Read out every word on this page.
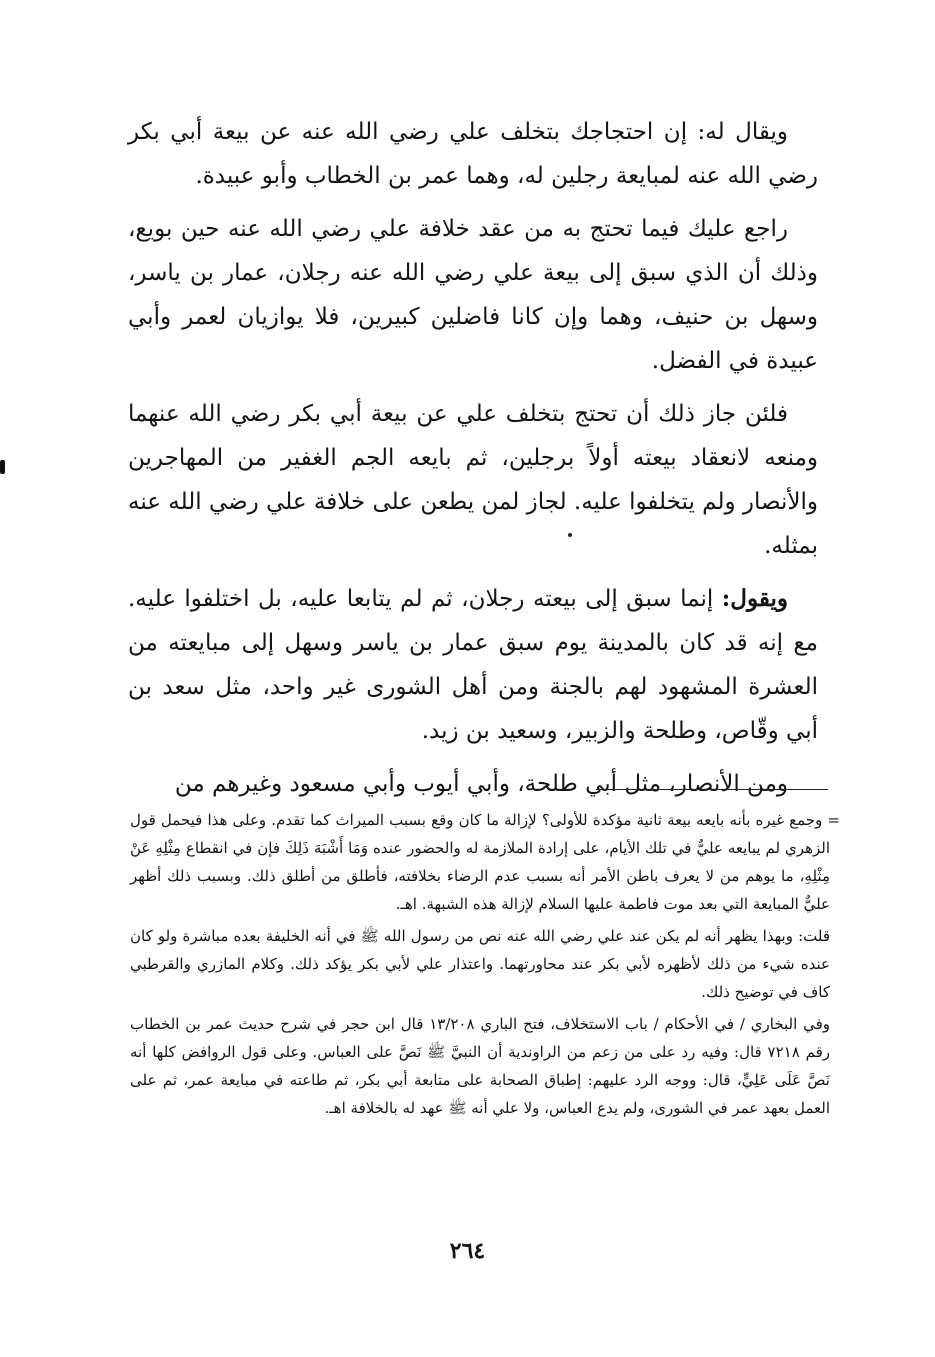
ويقال له: إن احتجاجك بتخلف علي رضي الله عنه عن بيعة أبي بكر رضي الله عنه لمبايعة رجلين له، وهما عمر بن الخطاب وأبو عبيدة.

راجع عليك فيما تحتج به من عقد خلافة علي رضي الله عنه حين بويع، وذلك أن الذي سبق إلى بيعة علي رضي الله عنه رجلان، عمار بن ياسر، وسهل بن حنيف، وهما وإن كانا فاضلين كبيرين، فلا يوازيان لعمر وأبي عبيدة في الفضل.

فلئن جاز ذلك أن تحتج بتخلف علي عن بيعة أبي بكر رضي الله عنهما ومنعه لانعقاد بيعته أولاً برجلين، ثم بايعه الجم الغفير من المهاجرين والأنصار ولم يتخلفوا عليه. لجاز لمن يطعن على خلافة علي رضي الله عنه بمثله.

ويقول: إنما سبق إلى بيعته رجلان، ثم لم يتابعا عليه، بل اختلفوا عليه. مع إنه قد كان بالمدينة يوم سبق عمار بن ياسر وسهل إلى مبايعته من العشرة المشهود لهم بالجنة ومن أهل الشورى غير واحد، مثل سعد بن أبي وقّاص، وطلحة والزبير، وسعيد بن زيد.

ومن الأنصار، مثل أبي طلحة، وأبي أيوب وأبي مسعود وغيرهم من

= وجمع غيره بأنه بايعه بيعة ثانية مؤكدة للأولى؟ لإزالة ما كان وقع بسبب الميراث كما تقدم. وعلى هذا فيحمل قول الزهري لم يبايعه عليٌّ في تلك الأيام، على إرادة الملازمة له والحضور عنده وَمَا أَشْبَهَ ذَلِكَ فإن في انقطاع مِثْلِهِ عَنْ مِثْلِهِ، ما يوهم من لا يعرف باطن الأمر أنه بسبب عدم الرضاء بخلافته، فأطلق من أطلق ذلك. وبسبب ذلك أظهر عليٌّ المبايعة التي بعد موت فاطمة عليها السلام لإزالة هذه الشبهة. اهـ.

قلت: وبهذا يظهر أنه لم يكن عند علي رضي الله عنه نص من رسول الله ﷺ في أنه الخليفة بعده مباشرة ولو كان عنده شيء من ذلك لأظهره لأبي بكر عند محاورتهما. واعتذار علي لأبي بكر يؤكد ذلك. وكلام المازري والقرطبي كاف في توضيح ذلك.

وفي البخاري / في الأحكام / باب الاستخلاف، فتح الباري ١٣/٢٠٨ قال ابن حجر في شرح حديث عمر بن الخطاب رقم ٧٢١٨ قال: وفيه رد على من زعم من الراوندية أن النبيَّ ﷺ نَصَّ على العباس. وعلى قول الروافض كلها أنه نَصَّ عَلَى عَلِيٍّ، قال: ووجه الرد عليهم: إطباق الصحابة على متابعة أبي بكر، ثم طاعته في مبايعة عمر، ثم على العمل بعهد عمر في الشورى، ولم يدع العباس، ولا علي أنه ﷺ عهد له بالخلافة اهـ.

٢٦٤
